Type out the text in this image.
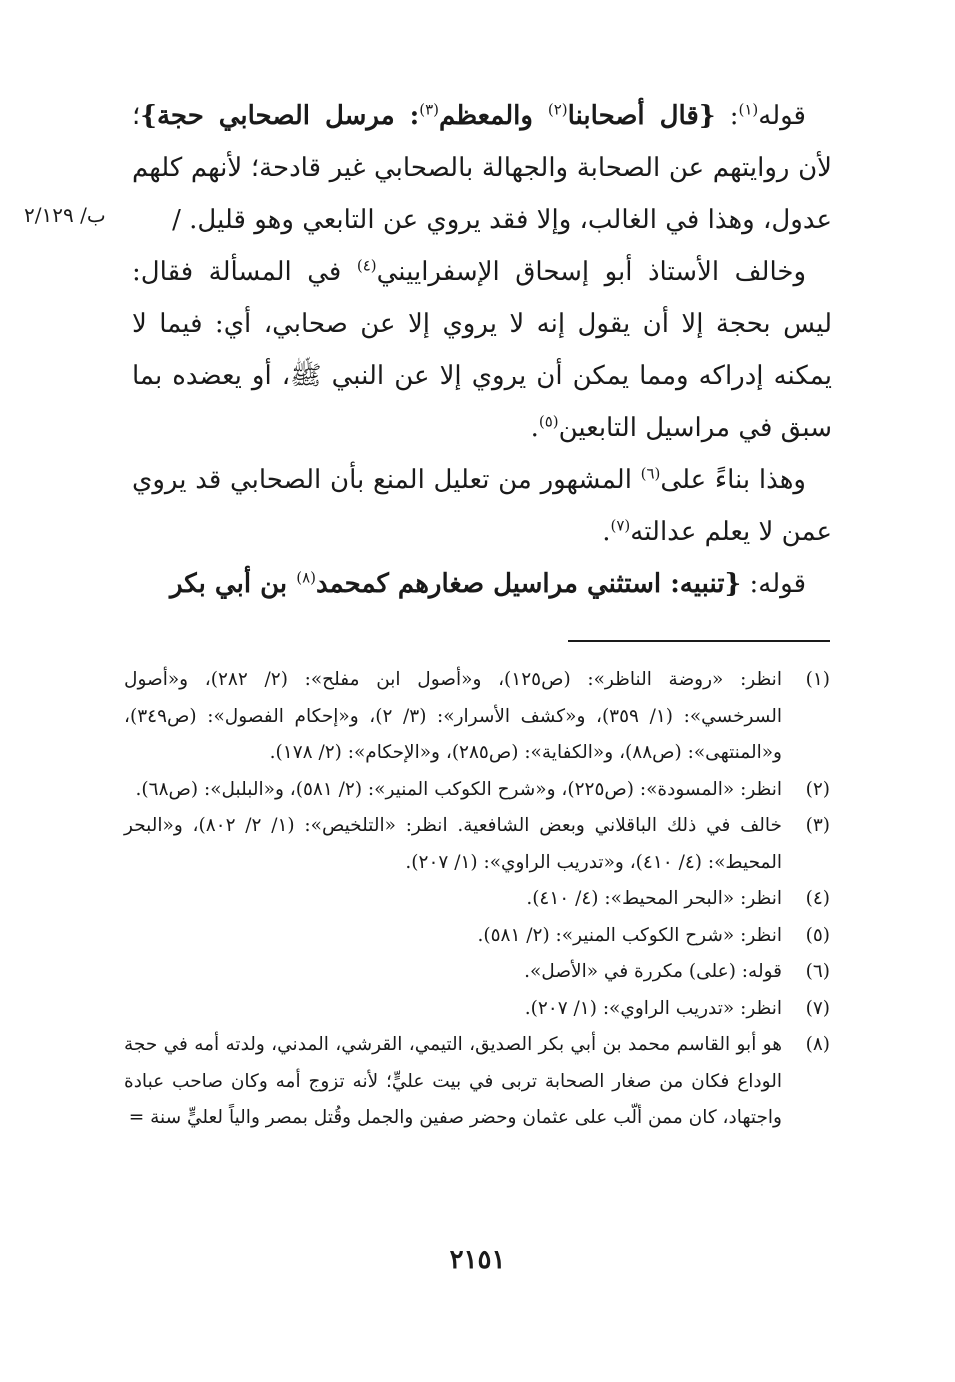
ب/ ٢/١٢٩

قوله$^{(١)}$: {قال أصحابنا$^{(٢)}$ والمعظم$^{(٣)}$: مرسل الصحابي حجة}؛ لأن روايتهم عن الصحابة والجهالة بالصحابي غير قادحة؛ لأنهم كلهم عدول، وهذا في الغالب، وإلا فقد يروي عن التابعي وهو قليل. /

وخالف الأستاذ أبو إسحاق الإسفراييني$^{(٤)}$ في المسألة فقال: ليس بحجة إلا أن يقول إنه لا يروي إلا عن صحابي، أي: فيما لا يمكنه إدراكه ومما يمكن أن يروي إلا عن النبي ﷺ، أو يعضده بما سبق في مراسيل التابعين$^{(٥)}$.

وهذا بناءً على$^{(٦)}$ المشهور من تعليل المنع بأن الصحابي قد يروي عمن لا يعلم عدالته$^{(٧)}$.

قوله: {تنبيه: استثني مراسيل صغارهم كمحمد$^{(٨)}$ بن أبي بكر

(١)
انظر: «روضة الناظر»: (ص١٢٥)، و«أصول ابن مفلح»: (٢/ ٢٨٢)، و«أصول السرخسي»: (١/ ٣٥٩)، و«كشف الأسرار»: (٣/ ٢)، و«إحكام الفصول»: (ص٣٤٩)، و«المنتهى»: (ص٨٨)، و«الكفاية»: (ص٢٨٥)، و«الإحكام»: (٢/ ١٧٨).
(٢)
انظر: «المسودة»: (ص٢٢٥)، و«شرح الكوكب المنير»: (٢/ ٥٨١)، و«البلبل»: (ص٦٨).
(٣)
خالف في ذلك الباقلاني وبعض الشافعية. انظر: «التلخيص»: (١/ ٢/ ٨٠٢)، و«البحر المحيط»: (٤/ ٤١٠)، و«تدريب الراوي»: (١/ ٢٠٧).
(٤)
انظر: «البحر المحيط»: (٤/ ٤١٠).
(٥)
انظر: «شرح الكوكب المنير»: (٢/ ٥٨١).
(٦)
قوله: (على) مكررة في «الأصل».
(٧)
انظر: «تدريب الراوي»: (١/ ٢٠٧).
(٨)
هو أبو القاسم محمد بن أبي بكر الصديق، التيمي، القرشي، المدني، ولدته أمه في حجة الوداع فكان من صغار الصحابة تربى في بيت عليٍّ؛ لأنه تزوج أمه وكان صاحب عبادة واجتهاد، كان ممن ألّب على عثمان وحضر صفين والجمل وقُتل بمصر والياً لعليٍّ سنة =
٢١٥١
